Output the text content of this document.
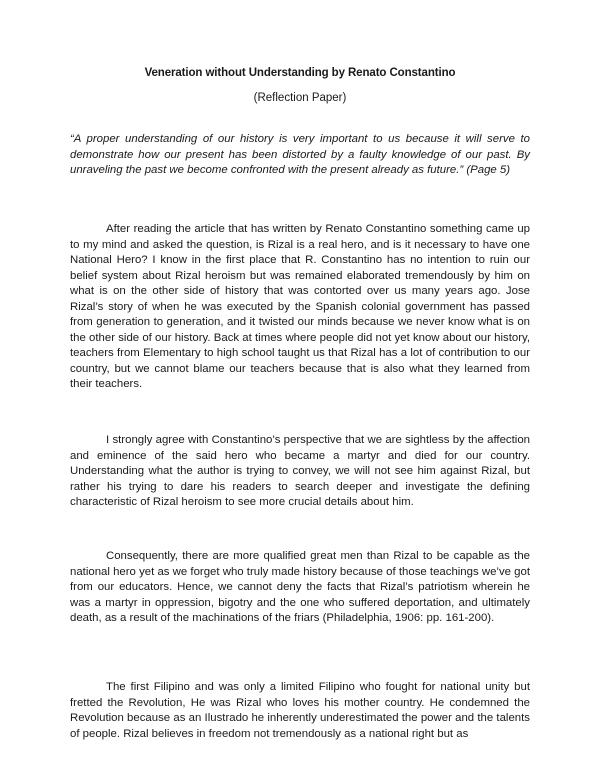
Veneration without Understanding by Renato Constantino
(Reflection Paper)

“A proper understanding of our history is very important to us because it will serve to demonstrate how our present has been distorted by a faulty knowledge of our past. By unraveling the past we become confronted with the present already as future.” (Page 5)

After reading the article that has written by Renato Constantino something came up to my mind and asked the question, is Rizal is a real hero, and is it necessary to have one National Hero? I know in the first place that R. Constantino has no intention to ruin our belief system about Rizal heroism but was remained elaborated tremendously by him on what is on the other side of history that was contorted over us many years ago. Jose Rizal’s story of when he was executed by the Spanish colonial government has passed from generation to generation, and it twisted our minds because we never know what is on the other side of our history. Back at times where people did not yet know about our history, teachers from Elementary to high school taught us that Rizal has a lot of contribution to our country, but we cannot blame our teachers because that is also what they learned from their teachers.

I strongly agree with Constantino’s perspective that we are sightless by the affection and eminence of the said hero who became a martyr and died for our country. Understanding what the author is trying to convey, we will not see him against Rizal, but rather his trying to dare his readers to search deeper and investigate the defining characteristic of Rizal heroism to see more crucial details about him.

Consequently, there are more qualified great men than Rizal to be capable as the national hero yet as we forget who truly made history because of those teachings we’ve got from our educators. Hence, we cannot deny the facts that Rizal’s patriotism wherein he was a martyr in oppression, bigotry and the one who suffered deportation, and ultimately death, as a result of the machinations of the friars (Philadelphia, 1906: pp. 161-200).

The first Filipino and was only a limited Filipino who fought for national unity but fretted the Revolution, He was Rizal who loves his mother country. He condemned the Revolution because as an Ilustrado he inherently underestimated the power and the talents of people. Rizal believes in freedom not tremendously as a national right but as
